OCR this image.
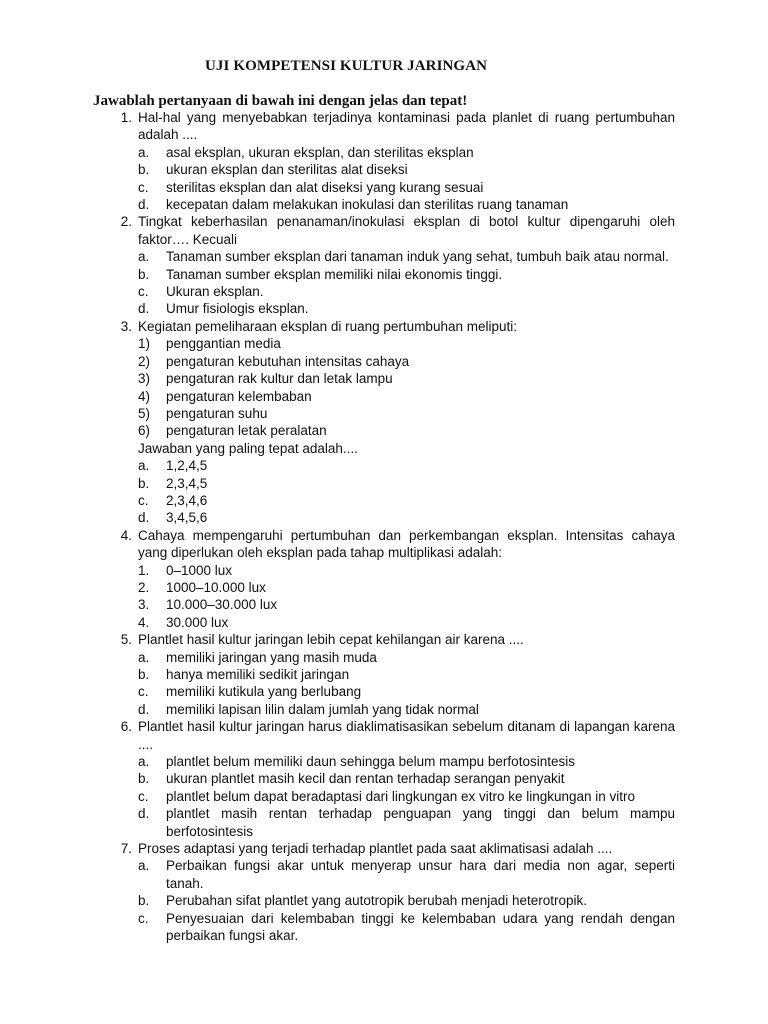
UJI KOMPETENSI KULTUR JARINGAN
Jawablah pertanyaan di bawah ini dengan jelas dan tepat!
1. Hal-hal yang menyebabkan terjadinya kontaminasi pada planlet di ruang pertumbuhan adalah ....
a. asal eksplan, ukuran eksplan, dan sterilitas eksplan
b. ukuran eksplan dan sterilitas alat diseksi
c. sterilitas eksplan dan alat diseksi yang kurang sesuai
d. kecepatan dalam melakukan inokulasi dan sterilitas ruang tanaman
2. Tingkat keberhasilan penanaman/inokulasi eksplan di botol kultur dipengaruhi oleh faktor…. Kecuali
a. Tanaman sumber eksplan dari tanaman induk yang sehat, tumbuh baik atau normal.
b. Tanaman sumber eksplan memiliki nilai ekonomis tinggi.
c. Ukuran eksplan.
d. Umur fisiologis eksplan.
3. Kegiatan pemeliharaan eksplan di ruang pertumbuhan meliputi:
1) penggantian media
2) pengaturan kebutuhan intensitas cahaya
3) pengaturan rak kultur dan letak lampu
4) pengaturan kelembaban
5) pengaturan suhu
6) pengaturan letak peralatan
Jawaban yang paling tepat adalah....
a. 1,2,4,5
b. 2,3,4,5
c. 2,3,4,6
d. 3,4,5,6
4. Cahaya mempengaruhi pertumbuhan dan perkembangan eksplan. Intensitas cahaya yang diperlukan oleh eksplan pada tahap multiplikasi adalah:
1. 0–1000 lux
2. 1000–10.000 lux
3. 10.000–30.000 lux
4. 30.000 lux
5. Plantlet hasil kultur jaringan lebih cepat kehilangan air karena ....
a. memiliki jaringan yang masih muda
b. hanya memiliki sedikit jaringan
c. memiliki kutikula yang berlubang
d. memiliki lapisan lilin dalam jumlah yang tidak normal
6. Plantlet hasil kultur jaringan harus diaklimatisasikan sebelum ditanam di lapangan karena ....
a. plantlet belum memiliki daun sehingga belum mampu berfotosintesis
b. ukuran plantlet masih kecil dan rentan terhadap serangan penyakit
c. plantlet belum dapat beradaptasi dari lingkungan ex vitro ke lingkungan in vitro
d. plantlet masih rentan terhadap penguapan yang tinggi dan belum mampu berfotosintesis
7. Proses adaptasi yang terjadi terhadap plantlet pada saat aklimatisasi adalah ....
a. Perbaikan fungsi akar untuk menyerap unsur hara dari media non agar, seperti tanah.
b. Perubahan sifat plantlet yang autotropik berubah menjadi heterotropik.
c. Penyesuaian dari kelembaban tinggi ke kelembaban udara yang rendah dengan perbaikan fungsi akar.
